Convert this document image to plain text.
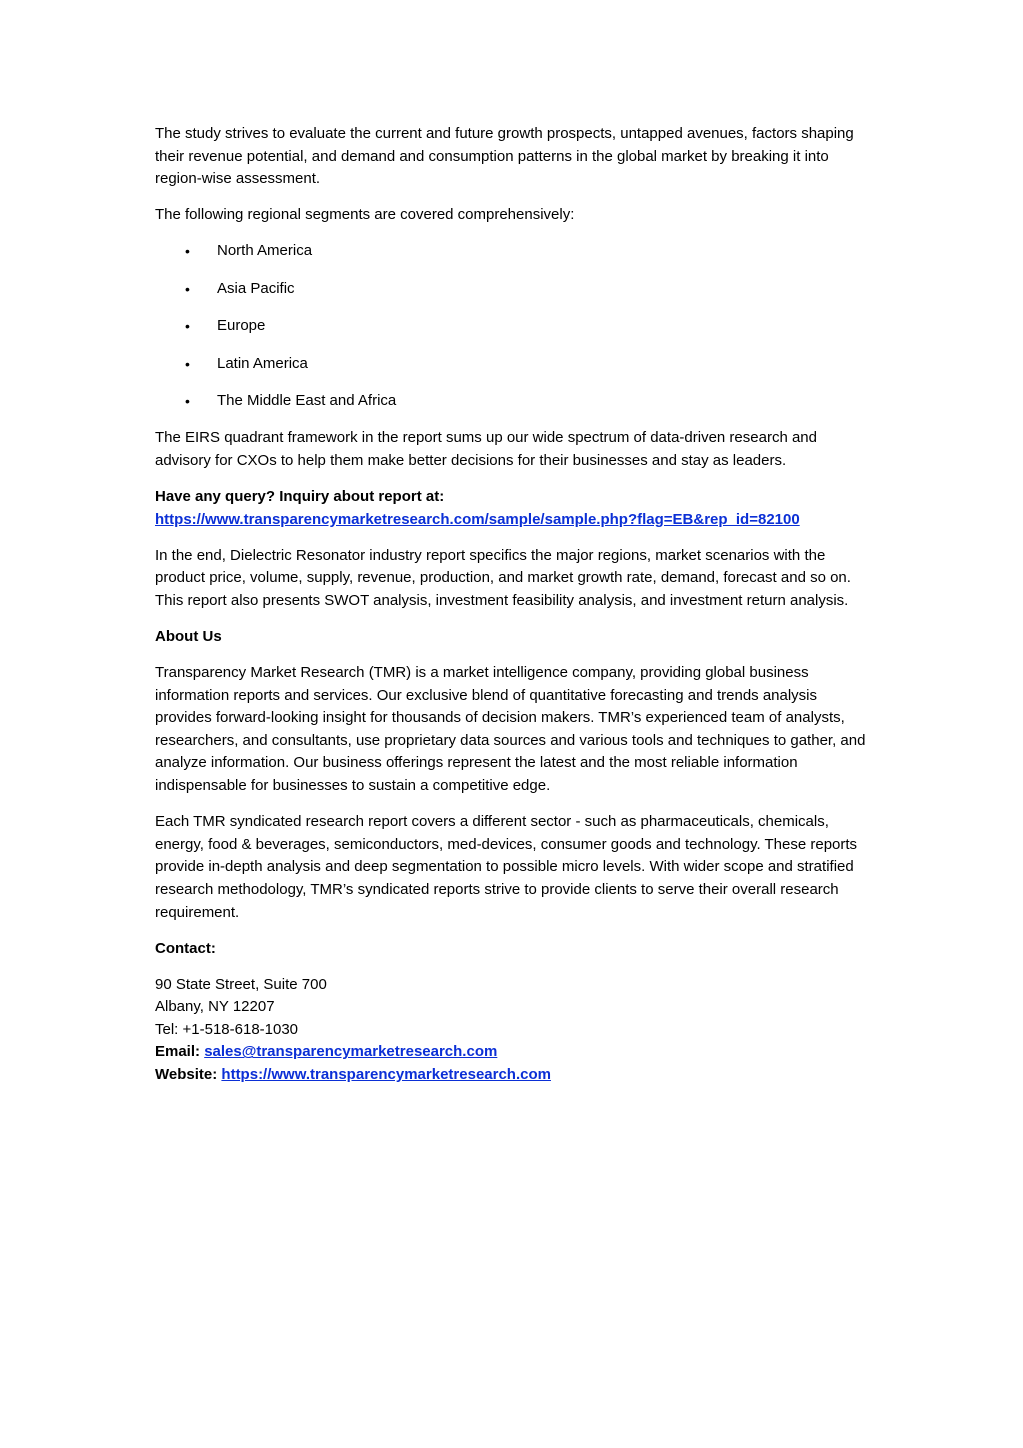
The study strives to evaluate the current and future growth prospects, untapped avenues, factors shaping their revenue potential, and demand and consumption patterns in the global market by breaking it into region-wise assessment.

The following regional segments are covered comprehensively:

• North America
• Asia Pacific
• Europe
• Latin America
• The Middle East and Africa

The EIRS quadrant framework in the report sums up our wide spectrum of data-driven research and advisory for CXOs to help them make better decisions for their businesses and stay as leaders.

Have any query? Inquiry about report at:
https://www.transparencymarketresearch.com/sample/sample.php?flag=EB&rep_id=82100

In the end, Dielectric Resonator industry report specifics the major regions, market scenarios with the product price, volume, supply, revenue, production, and market growth rate, demand, forecast and so on. This report also presents SWOT analysis, investment feasibility analysis, and investment return analysis.

About Us

Transparency Market Research (TMR) is a market intelligence company, providing global business information reports and services. Our exclusive blend of quantitative forecasting and trends analysis provides forward-looking insight for thousands of decision makers. TMR’s experienced team of analysts, researchers, and consultants, use proprietary data sources and various tools and techniques to gather, and analyze information. Our business offerings represent the latest and the most reliable information indispensable for businesses to sustain a competitive edge.

Each TMR syndicated research report covers a different sector - such as pharmaceuticals, chemicals, energy, food & beverages, semiconductors, med-devices, consumer goods and technology. These reports provide in-depth analysis and deep segmentation to possible micro levels. With wider scope and stratified research methodology, TMR’s syndicated reports strive to provide clients to serve their overall research requirement.

Contact:

90 State Street, Suite 700

Albany, NY 12207

Tel: +1-518-618-1030

Email: sales@transparencymarketresearch.com

Website: https://www.transparencymarketresearch.com
